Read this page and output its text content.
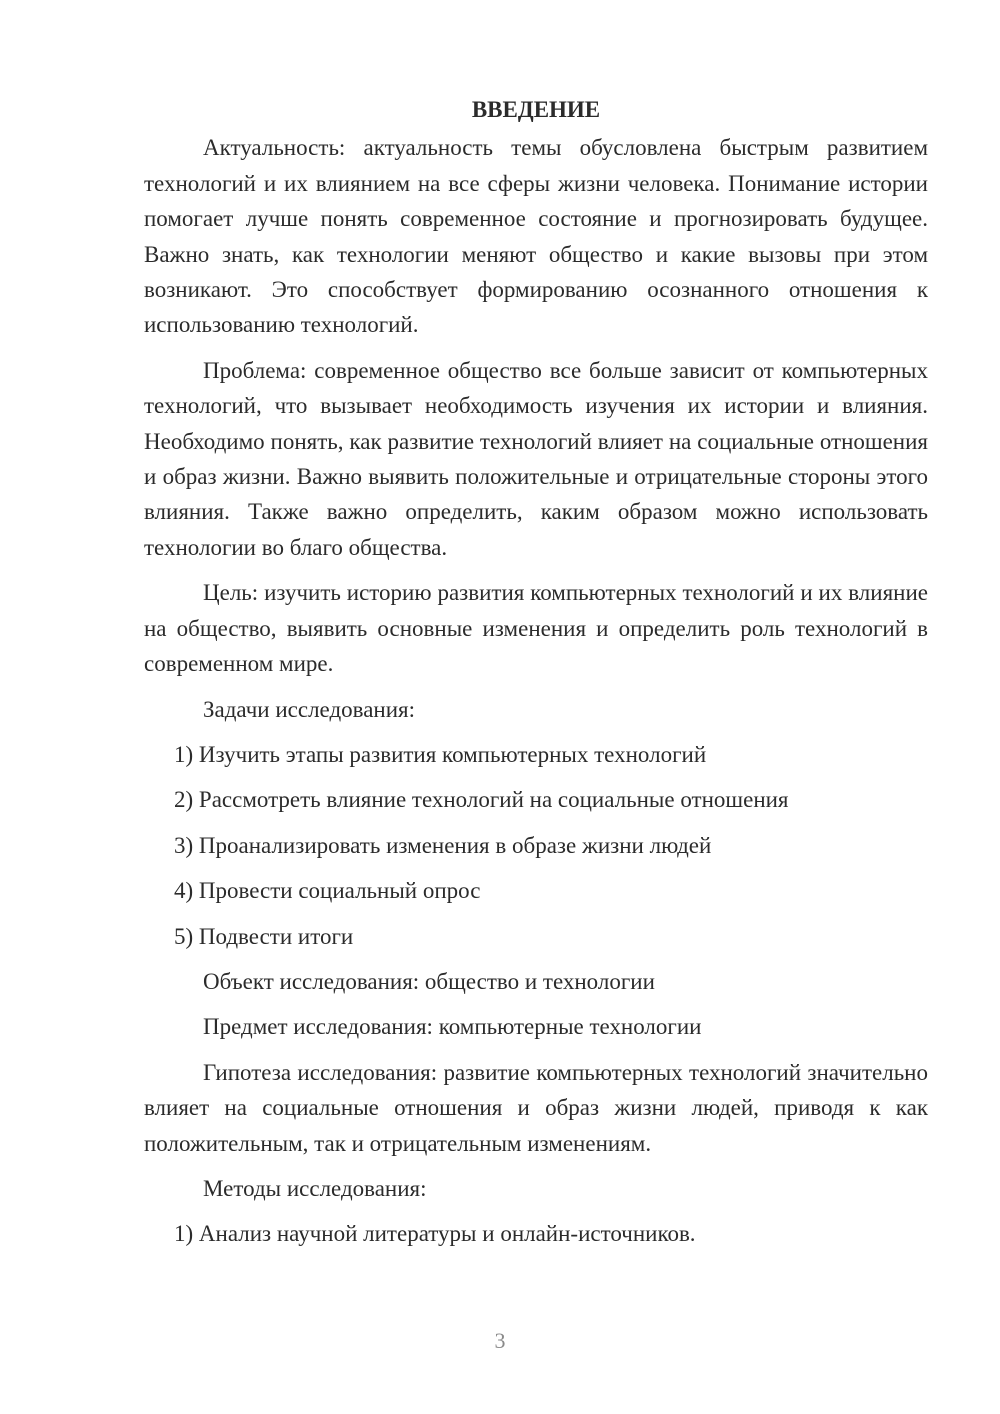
ВВЕДЕНИЕ

Актуальность: актуальность темы обусловлена быстрым развитием технологий и их влиянием на все сферы жизни человека. Понимание истории помогает лучше понять современное состояние и прогнозировать будущее. Важно знать, как технологии меняют общество и какие вызовы при этом возникают. Это способствует формированию осознанного отношения к использованию технологий.

Проблема: современное общество все больше зависит от компьютерных технологий, что вызывает необходимость изучения их истории и влияния. Необходимо понять, как развитие технологий влияет на социальные отношения и образ жизни. Важно выявить положительные и отрицательные стороны этого влияния. Также важно определить, каким образом можно использовать технологии во благо общества.

Цель: изучить историю развития компьютерных технологий и их влияние на общество, выявить основные изменения и определить роль технологий в современном мире.

Задачи исследования:

1) Изучить этапы развития компьютерных технологий

2) Рассмотреть влияние технологий на социальные отношения

3) Проанализировать изменения в образе жизни людей

4) Провести социальный опрос

5) Подвести итоги

Объект исследования: общество и технологии

Предмет исследования: компьютерные технологии

Гипотеза исследования: развитие компьютерных технологий значительно влияет на социальные отношения и образ жизни людей, приводя к как положительным, так и отрицательным изменениям.

Методы исследования:

1) Анализ научной литературы и онлайн-источников.

3
